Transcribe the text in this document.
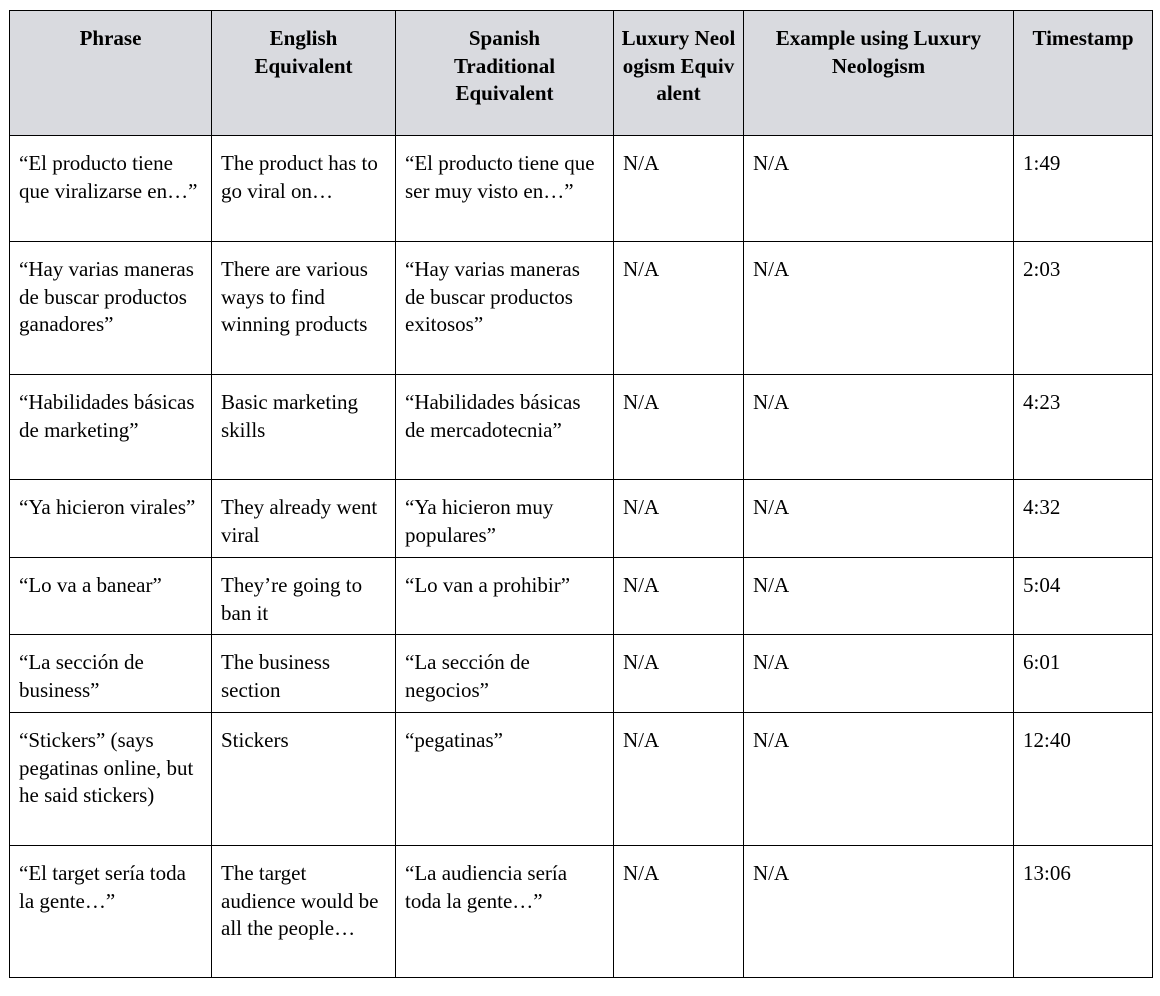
Phrase	English Equivalent	Spanish Traditional Equivalent	Luxury Neologism Equivalent	Example using Luxury Neologism	Timestamp

“El producto tiene que viralizarse en…”	The product has to go viral on…	“El producto tiene que ser muy visto en…”	N/A	N/A	1:49
“Hay varias maneras de buscar productos ganadores”	There are various ways to find winning products	“Hay varias maneras de buscar productos exitosos”	N/A	N/A	2:03
“Habilidades básicas de marketing”	Basic marketing skills	“Habilidades básicas de mercadotecnia”	N/A	N/A	4:23
“Ya hicieron virales”	They already went viral	“Ya hicieron muy populares”	N/A	N/A	4:32
“Lo va a banear”	They’re going to ban it	“Lo van a prohibir”	N/A	N/A	5:04
“La sección de business”	The business section	“La sección de negocios”	N/A	N/A	6:01
“Stickers” (says pegatinas online, but he said stickers)	Stickers	“pegatinas”	N/A	N/A	12:40
“El target sería toda la gente…”	The target audience would be all the people…	“La audiencia sería toda la gente…”	N/A	N/A	13:06
